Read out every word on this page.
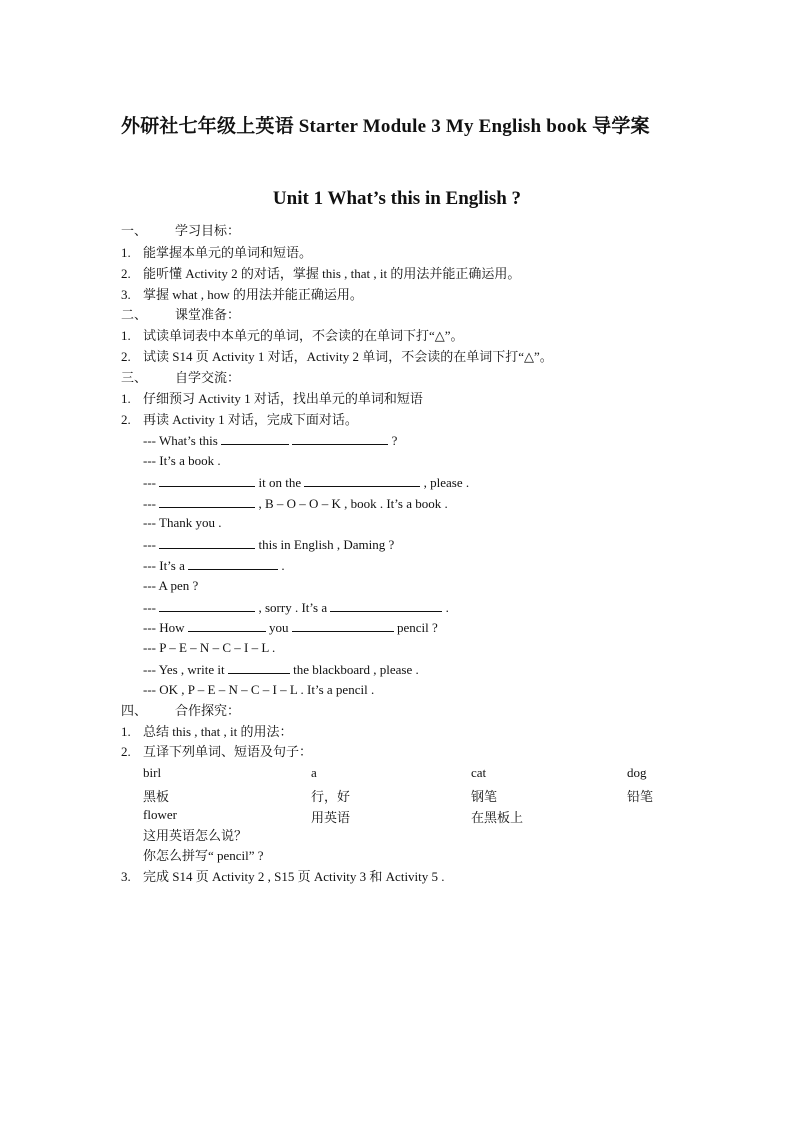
外研社七年级上英语 Starter Module 3 My English book 导学案
Unit 1 What’s this in English ?
一、 学习目标：
1. 能掌握本单元的单词和短语。
2. 能听懂 Activity 2 的对话，掌握 this , that , it 的用法并能正确运用。
3. 掌握 what , how 的用法并能正确运用。
二、 课堂准备：
1. 试读单词表中本单元的单词，不会读的在单词下打“△”。
2. 试读 S14 页 Activity 1 对话，Activity 2 单词，不会读的在单词下打“△”。
三、 自学交流：
1. 仔细预习 Activity 1 对话，找出单元的单词和短语
2. 再读 Activity 1 对话，完成下面对话。
--- What’s this	?
--- It’s a book .
---	it on the	, please .
---	, B – O – O – K , book . It’s a book .
--- Thank you .
---	this in English , Daming ?
--- It’s a	.
--- A pen ?
---	, sorry . It’s a	.
--- How	you	pencil ?
--- P – E – N – C – I – L .
--- Yes , write it	the blackboard , please .
--- OK , P – E – N – C – I – L . It’s a pencil .
四、 合作探究：
1. 总结 this , that , it 的用法：
2. 互译下列单词、短语及句子：
birl	a	cat	dog
黑板	行，好	钢笔	铅笔
flower	用英语	在黑板上
这用英语怎么说？
你怎么拼写“ pencil” ?
3. 完成 S14 页 Activity 2 , S15 页 Activity 3 和 Activity 5 .
